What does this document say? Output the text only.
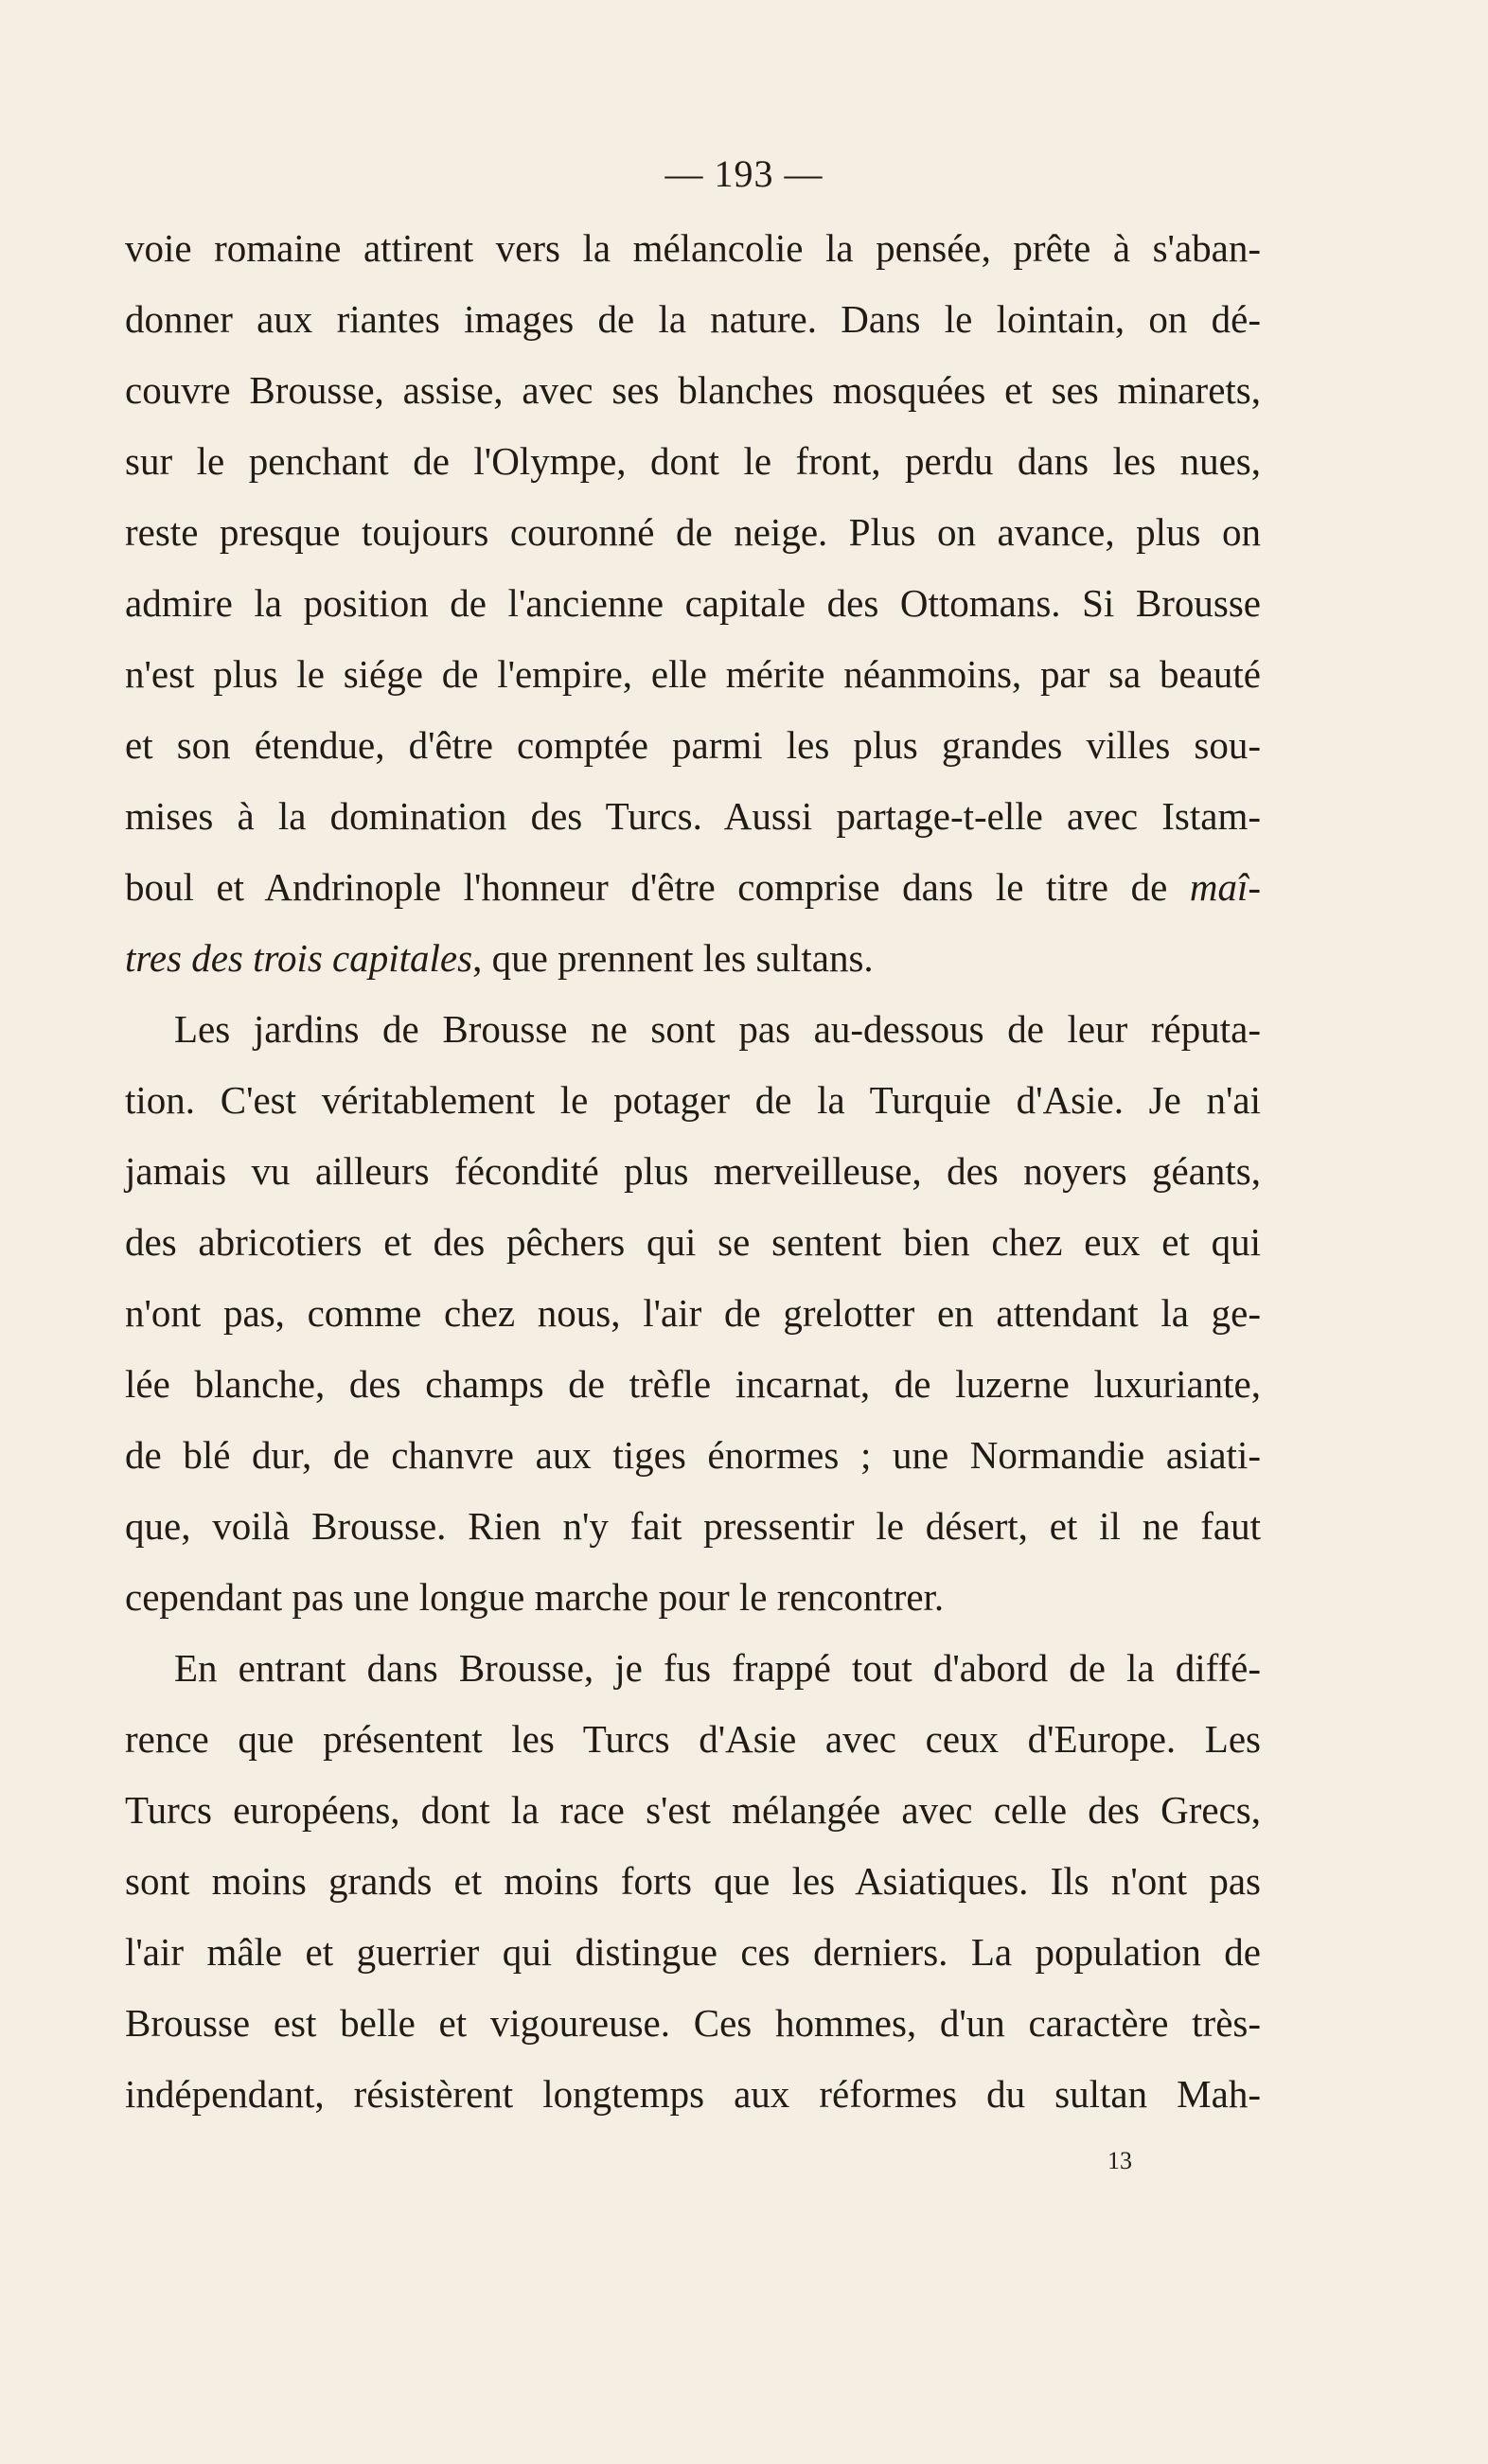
— 193 —
voie romaine attirent vers la mélancolie la pensée, prête à s'aban-
donner aux riantes images de la nature. Dans le lointain, on dé-
couvre Brousse, assise, avec ses blanches mosquées et ses minarets,
sur le penchant de l'Olympe, dont le front, perdu dans les nues,
reste presque toujours couronné de neige. Plus on avance, plus on
admire la position de l'ancienne capitale des Ottomans. Si Brousse
n'est plus le siége de l'empire, elle mérite néanmoins, par sa beauté
et son étendue, d'être comptée parmi les plus grandes villes sou-
mises à la domination des Turcs. Aussi partage-t-elle avec Istam-
boul et Andrinople l'honneur d'être comprise dans le titre de maî-
tres des trois capitales, que prennent les sultans.
Les jardins de Brousse ne sont pas au-dessous de leur réputa-
tion. C'est véritablement le potager de la Turquie d'Asie. Je n'ai
jamais vu ailleurs fécondité plus merveilleuse, des noyers géants,
des abricotiers et des pêchers qui se sentent bien chez eux et qui
n'ont pas, comme chez nous, l'air de grelotter en attendant la ge-
lée blanche, des champs de trèfle incarnat, de luzerne luxuriante,
de blé dur, de chanvre aux tiges énormes ; une Normandie asiati-
que, voilà Brousse. Rien n'y fait pressentir le désert, et il ne faut
cependant pas une longue marche pour le rencontrer.
En entrant dans Brousse, je fus frappé tout d'abord de la diffé-
rence que présentent les Turcs d'Asie avec ceux d'Europe. Les
Turcs européens, dont la race s'est mélangée avec celle des Grecs,
sont moins grands et moins forts que les Asiatiques. Ils n'ont pas
l'air mâle et guerrier qui distingue ces derniers. La population de
Brousse est belle et vigoureuse. Ces hommes, d'un caractère très-
indépendant, résistèrent longtemps aux réformes du sultan Mah-
13
